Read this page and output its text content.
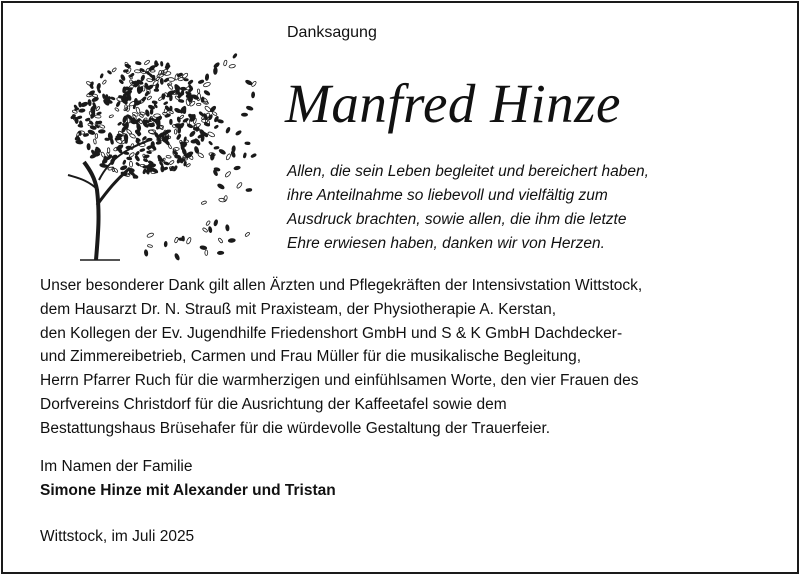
Danksagung
Manfred Hinze

Allen, die sein Leben begleitet und bereichert haben,
ihre Anteilnahme so liebevoll und vielfältig zum
Ausdruck brachten, sowie allen, die ihm die letzte
Ehre erwiesen haben, danken wir von Herzen.

Unser besonderer Dank gilt allen Ärzten und Pflegekräften der Intensivstation Wittstock,
dem Hausarzt Dr. N. Strauß mit Praxisteam, der Physiotherapie A. Kerstan,
den Kollegen der Ev. Jugendhilfe Friedenshort GmbH und S & K GmbH Dachdecker-
und Zimmereibetrieb, Carmen und Frau Müller für die musikalische Begleitung,
Herrn Pfarrer Ruch für die warmherzigen und einfühlsamen Worte, den vier Frauen des
Dorfvereins Christdorf für die Ausrichtung der Kaffeetafel sowie dem
Bestattungshaus Brüsehafer für die würdevolle Gestaltung der Trauerfeier.

Im Namen der Familie
Simone Hinze mit Alexander und Tristan
Wittstock, im Juli 2025
